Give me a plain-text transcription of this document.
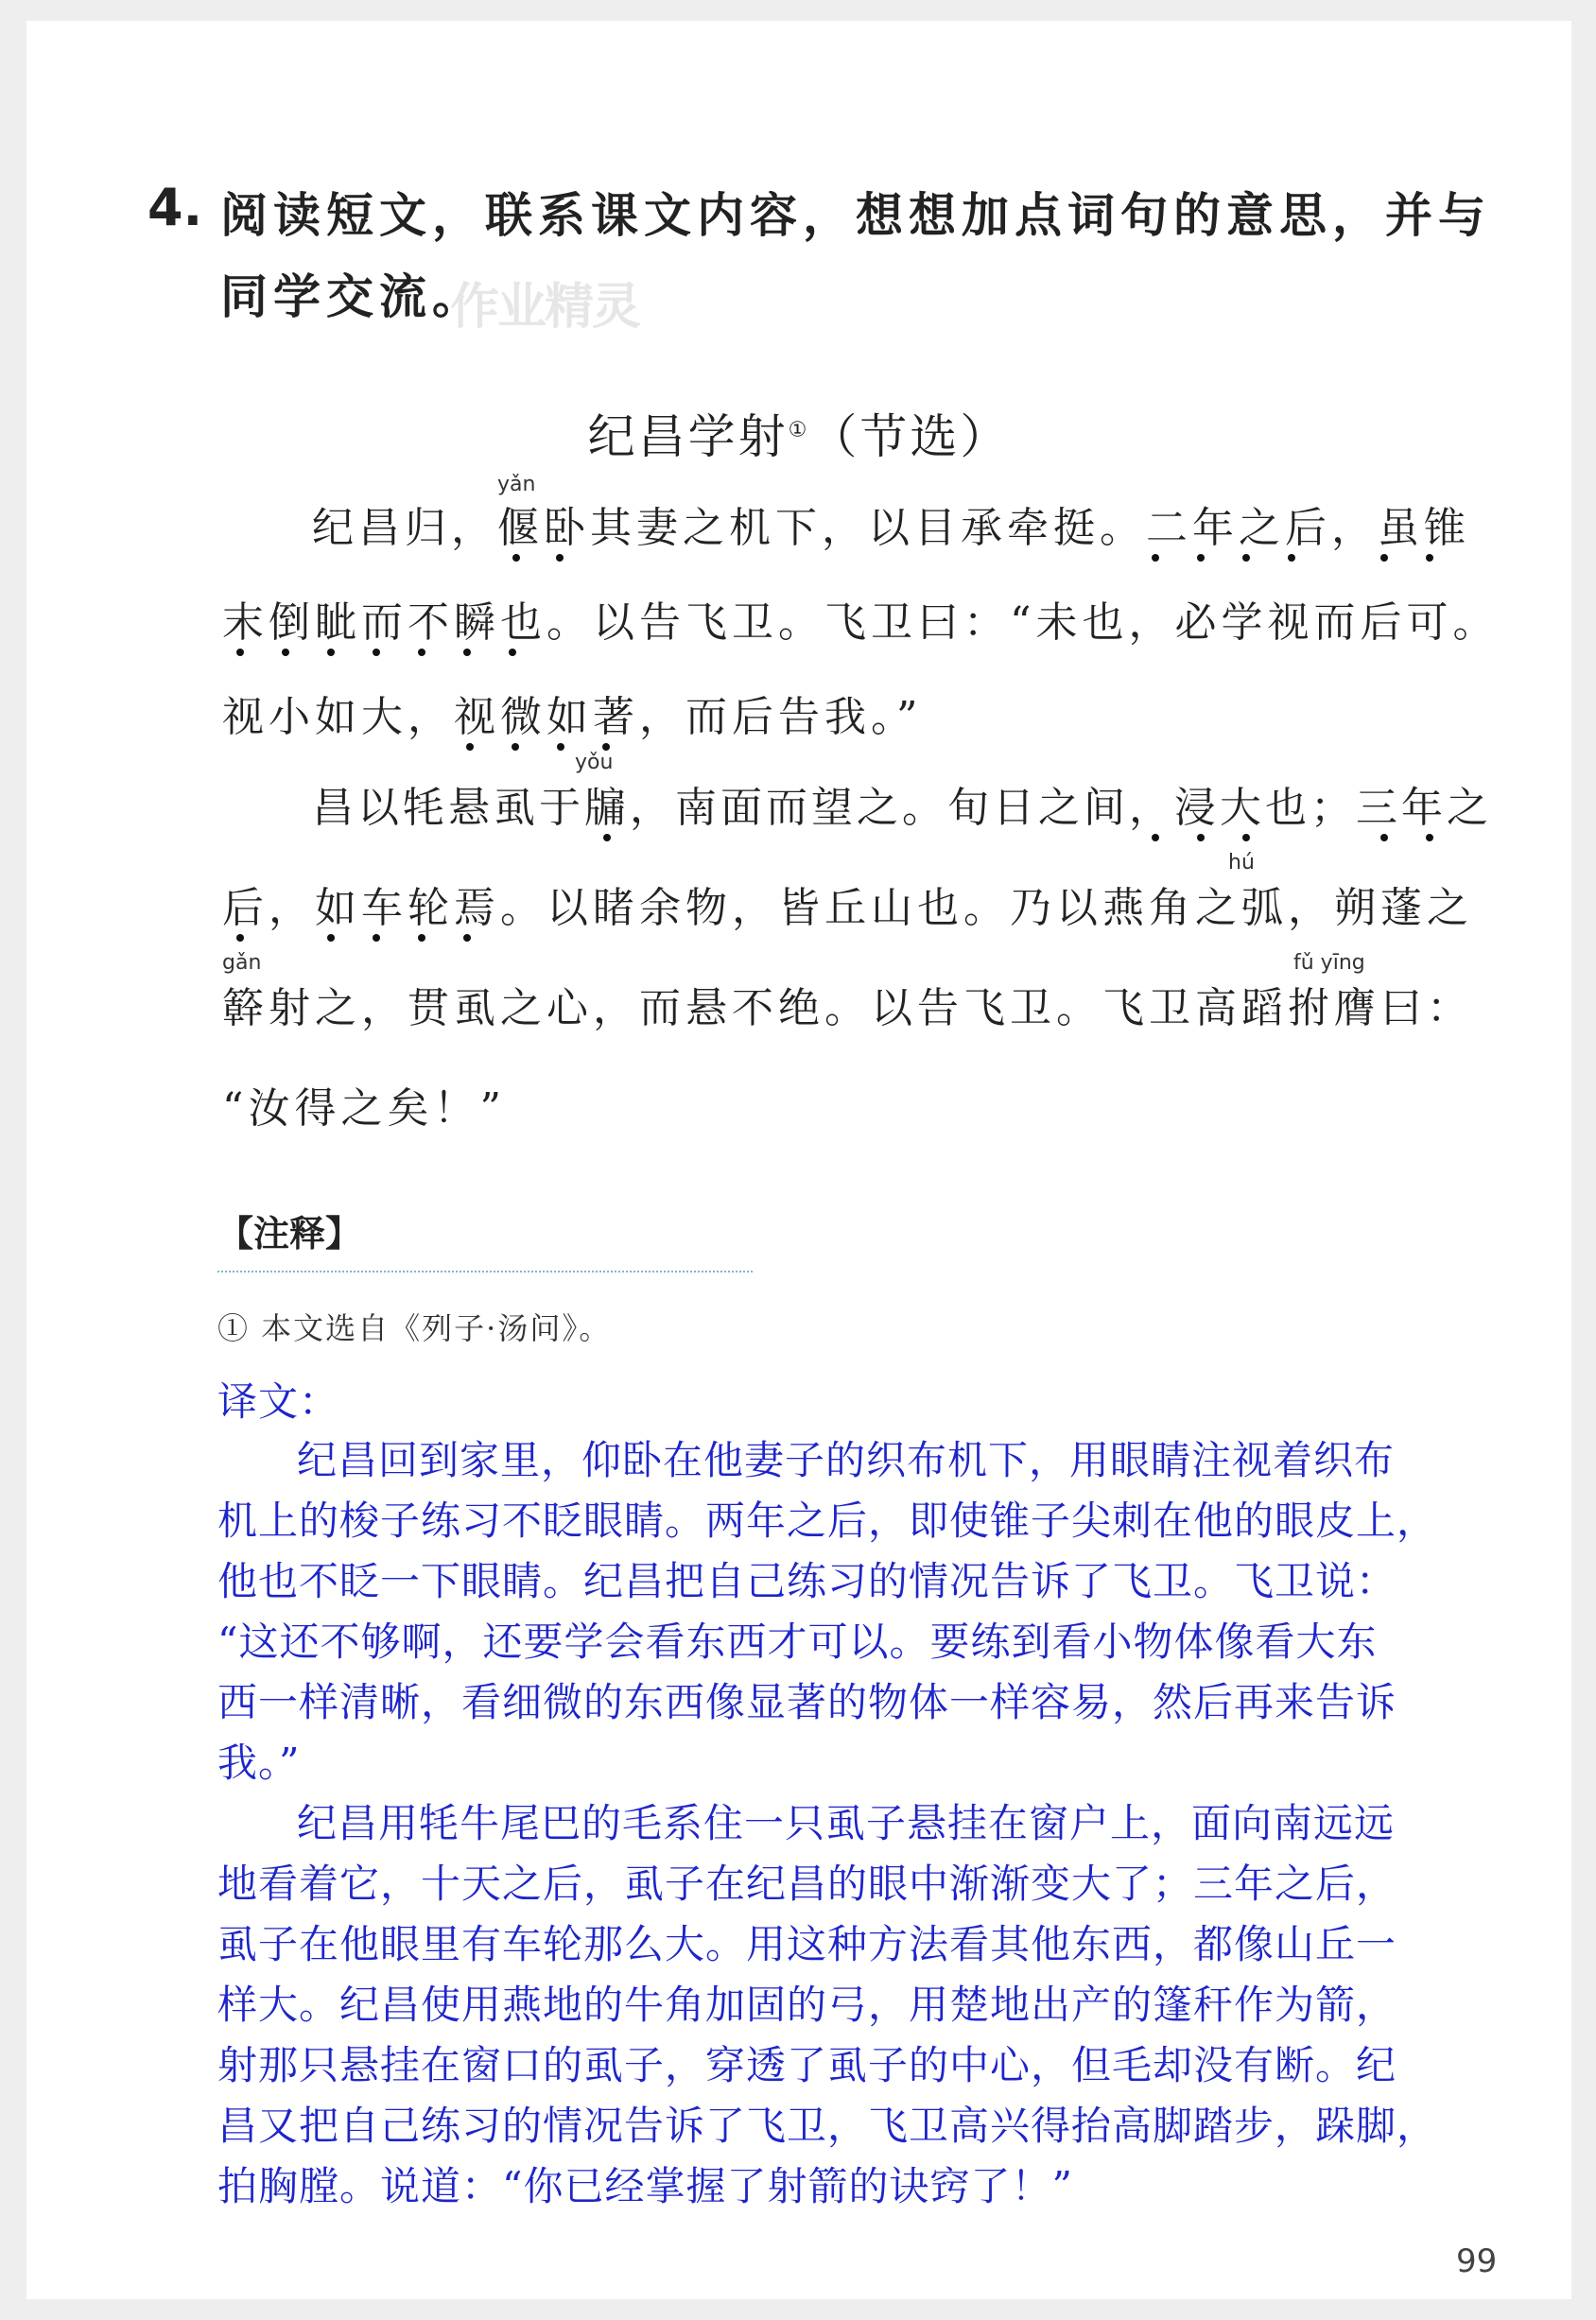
4. 阅读短文，联系课文内容，想想加点词句的意思，并与
同学交流。
作业精灵
纪昌学射①（节选）
yǎn
yǒu
hú
gǎn	fǔ yīng
纪昌归，偃卧其妻之机下，以目承牵挺。二年之后，虽锥
末倒眦而不瞬也。以告飞卫。飞卫曰：“未也，必学视而后可。
视小如大，视微如著，而后告我。”
昌以牦悬虱于牖，南面而望之。旬日之间，浸大也；三年之
后，如车轮焉。以睹余物，皆丘山也。乃以燕角之弧，朔蓬之
簳射之，贯虱之心，而悬不绝。以告飞卫。飞卫高蹈拊膺曰：
“汝得之矣！”
【注释】
① 本文选自《列子·汤问》。
译文：
纪昌回到家里，仰卧在他妻子的织布机下，用眼睛注视着织布
机上的梭子练习不眨眼睛。两年之后，即使锥子尖刺在他的眼皮上，
他也不眨一下眼睛。纪昌把自己练习的情况告诉了飞卫。飞卫说：
“这还不够啊，还要学会看东西才可以。要练到看小物体像看大东
西一样清晰，看细微的东西像显著的物体一样容易，然后再来告诉
我。”
纪昌用牦牛尾巴的毛系住一只虱子悬挂在窗户上，面向南远远
地看着它，十天之后，虱子在纪昌的眼中渐渐变大了；三年之后，
虱子在他眼里有车轮那么大。用这种方法看其他东西，都像山丘一
样大。纪昌使用燕地的牛角加固的弓，用楚地出产的篷秆作为箭，
射那只悬挂在窗口的虱子，穿透了虱子的中心，但毛却没有断。纪
昌又把自己练习的情况告诉了飞卫，飞卫高兴得抬高脚踏步，跺脚，
拍胸膛。说道：“你已经掌握了射箭的诀窍了！”
99
